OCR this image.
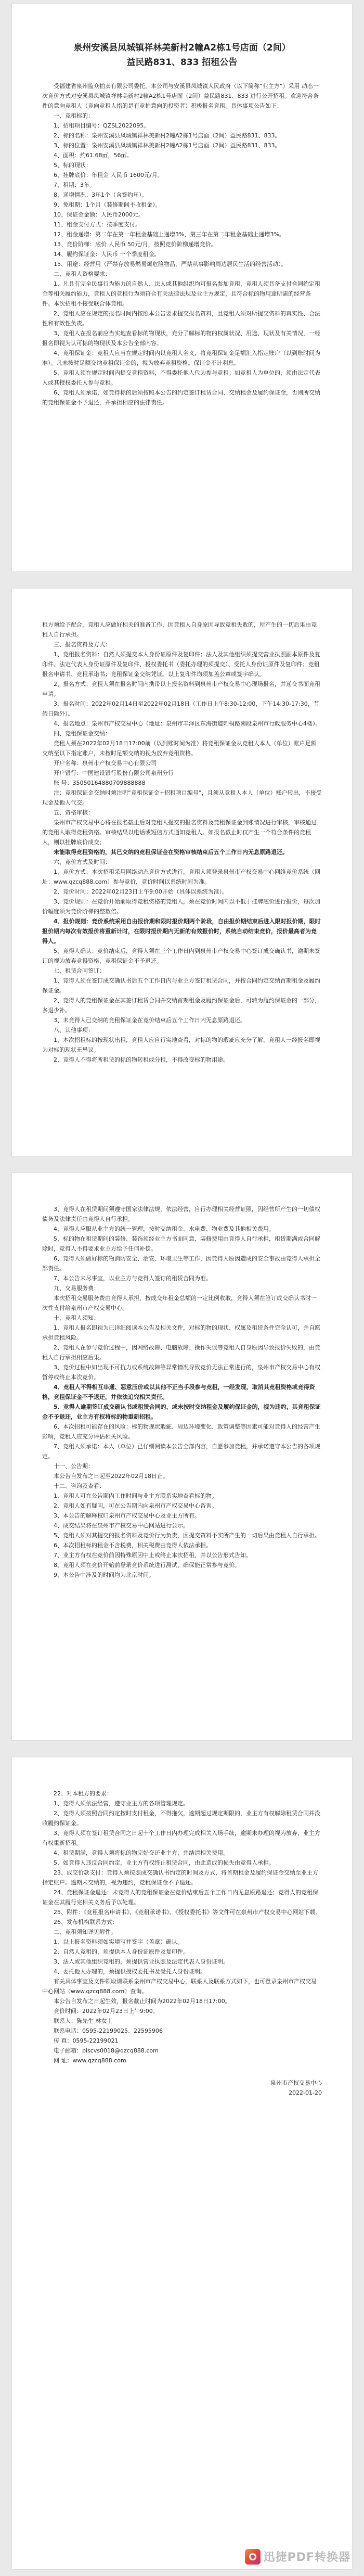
泉州安溪县凤城镇祥林美新村2幢A2栋1号店面（2间）
益民路831、833 招租公告

受福建省泉州监众拍卖有限公司委托，本公司与安溪县凤城镇人民政府（以下简称“业主方”）采用 动态一次竞价方式对安溪县凤城镇祥林美新村2幢A2栋1号店面（2间）益民路831、833 进行公开招租。欢迎符合条件的意向竞租人（竞向竞租人指的是有竞拍意向的投资者）积极报名竞租。具体事项公告如下：

一、竞租标的：

1、招租项目编号：QZSL2022095。

2、标的名称：泉州安溪县凤城镇祥林美新村2幢A2栋1号店面（2间）益民路831、833。

3、标的位置：泉州安溪县凤城镇祥林美新村2幢A2栋1号店面（2间）益民路831、833。

4、面积：约61.68㎡，56㎡。

5、标的现状：

6、挂牌底价：年租金 人民币 1600元/月。

7、租期：3年。

8、递增情况：3年1个（含签约年）。

9、免租期：1个月（装修期间不收租金）。

10、保证金金额：人民币2000元。

11、租金支付方式：按季度支付。

12、租金递增：第二年在第一年租金基础上递增3%，第三年在第二年租金基础上递增3%。

13、竞价阶梯：底价 人民币 50元/月，按照竞价阶梯递增竞价。

14、履约保证金：人民币 一个季度租金。

15、用途：经营用（严禁存放易燃易爆危险物品，严禁从事影响周边居民生活的经营活动）。

二、竞租人资格要求：

1、凡具有完全民事行为能力的自然人、法人或其他组织均可报名参加竞租，竞租人须具备支付合同约定租金等相关履约能力，竞租人的竞租行为须符合有关法律法规及业主方规定，且符合标的物用途所需的经营条件。本次招租不接受联合体竞租。

2、竞租人应在规定的报名时间内按照本公告要求提交报名资料，且竞租人须对所提交资料的真实性、合法性和有效性负责。

3、竞租人在报名前应当实地查看标的物现状，充分了解标的物的权属状况、用途、现状及有关情况，一经报名即视为认可标的物现状及本公告全部内容。

4、竞租保证金：竞租人应当在规定时间内以竞租人名义，将竞租保证金足额汇入指定账户（以到账时间为准）。凡未按时足额交纳竞租保证金的，视为放弃竞租资格。保证金不计利息。

5、竞租人须在规定时间内提交竞租资料，不得委托他人代为参与竞租；如竞租人为单位的，须由法定代表人或其授权委托人参与竞租。

6、竞租人须承诺，如竞得标的后须按照本公告的约定签订租赁合同、交纳租金及履约保证金，否则所交纳的竞租保证金不予退还，并承担相应的法律责任。

租方须给予配合，竞租人应做好相关的准备工作，因竞租人自身原因导致竞租失败的，所产生的一切后果由竞租人自行承担。

三、报名资料及方式：

1、竞租报名资料：自然人须提交本人身份证原件及复印件；法人及其他组织须提交营业执照副本原件及复印件、法定代表人身份证原件及复印件、授权委托书（委托办理的须提交）、受托人身份证原件及复印件；竞租报名申请书、竞租承诺书；竞租保证金交纳凭证。以上复印件均须加盖公章或签字确认。

2、报名方式：竞租人须在报名时间内携带以上报名资料到泉州市产权交易中心现场报名，并递交书面竞租申请。

3、报名时间：2022年02月14日至2022年02月18日（工作日上午8:30-12:00，下午14:30-17:30，节假日除外）。

4、报名地点：泉州市产权交易中心（地址：泉州市丰泽区东海街道刺桐路南段泉州市行政服务中心4楼）。

四、竞租保证金交纳：

竞租人须在2022年02月18日17:00前（以到账时间为准）将竞租保证金从竞租人本人（单位）账户足额交纳至以下指定账户，未按时足额交纳的视为放弃竞租资格。

开户名称：泉州市产权交易中心有限公司

开户银行：中国建设银行股份有限公司泉州分行

账 号：35050164880709888888

注：竞租保证金交纳时须注明“竞租保证金+招租项目编号”，且须从竞租人本人（单位）账户转出，不接受现金及他人代交。

五、资格审核：

泉州市产权交易中心将在报名截止后对竞租人提交的报名资料及竞租保证金到账情况进行审核，审核通过的竞租人取得竞租资格。审核结果以电话或短信方式通知竞租人。如报名截止时仅产生一个符合条件的竞租人，则以挂牌底价成交；

未能取得竞租资格的，其已交纳的竞租保证金在资格审核结束后五个工作日内无息原路退还。

六、竞价方式及时间：

1、竞价方式：本次招租采用网络动态竞价方式进行，竞租人须登录泉州市产权交易中心网络竞价系统（网址：www.qzcq888.com）参与竞价，竞价时间以系统时间为准。

2、竞价时间：2022年02月23日上午9:00开始（具体以系统为准）。

3、竞价规则：在竞价开始前取得竞租资格的竞租人，须在竞价时间内以不低于挂牌底价进行报价，每次加价幅度须为竞价阶梯的整数倍。

4、报价规则：竞价系统采用自由报价期和限时报价期两个阶段，自由报价期结束后进入限时报价期，限时报价期内每次有效报价将重新计时，在限时报价期内无新的有效报价时，系统自动结束竞价，报价最高者为竞得人。

5、竞得人确认：竞价结束后，竞得人须在三个工作日内到泉州市产权交易中心签订成交确认书，逾期未签订的视为放弃竞得资格，竞租保证金不予退还。

七、租赁合同签订：

1、竞得人须在签订成交确认书后五个工作日内与业主方签订租赁合同，并按合同约定交纳首期租金及履约保证金。

2、竞得人的竞租保证金在其签订租赁合同并交纳首期租金及履约保证金后，可转为履约保证金的一部分，多退少补。

3、未竞得人已交纳的竞租保证金在竞价结束后五个工作日内无息原路退还。

八、其他事项：

1、本次招租标的按现状出租，竞租人应自行实地查看，对标的物的瑕疵应充分了解，竞租人一经报名即视为对标的现状无异议。

2、竞得人不得将所租赁的标的物转租或分租，不得改变标的物用途。

3、竞得人在租赁期间须遵守国家法律法规，依法经营，自行办理相关经营证照，因经营所产生的一切债权债务及法律责任由竞得人自行承担。

4、竞得人应服从业主方的统一管理，按时交纳租金、水电费、物业费及其他相关费用。

5、标的物在租赁期间的装修、装饰须经业主方书面同意，装修费用由竞得人自行承担，租赁期满或合同解除时，竞得人不得要求业主方给予任何补偿。

6、竞得人须做好标的物消防安全、治安、环境卫生等工作，因竞得人原因造成的安全事故由竞得人承担全部责任。

7、本公告未尽事宜，以业主方与竞得人签订的租赁合同为准。

九、交易服务费：

本次招租交易服务费由竞得人承担，按成交年租金总额的一定比例收取，竞得人须在签订成交确认书时一次性支付给泉州市产权交易中心。

十、竞租人须知：

1、竞租人报名即视为已详细阅读本公告及相关文件，对标的物的现状、权属及租赁条件完全认可，并自愿承担竞租风险。

2、竞租人在参与竞价过程中，因网络故障、电脑故障、操作失误等竞租人自身原因导致报价失败的，由竞租人自行承担相应后果。

3、竞价过程中如出现不可抗力或系统故障等异常情况导致竞价无法正常进行的，泉州市产权交易中心有权暂停或终止本次竞价。

4、竞租人不得相互串通、恶意压价或以其他不正当手段参与竞租，一经发现，取消其竞租资格或竞得资格，竞租保证金不予退还，并依法追究相关责任。

5、竞得人逾期签订成交确认书或租赁合同的，或未按时交纳租金及履约保证金的，视为违约，其竞租保证金不予退还，业主方有权将标的物重新招租。

6、本次招租可能存在的风险：标的物现状瑕疵、周边环境变化、政策调整等因素可能对竞得人的经营产生影响，竞租人应充分评估相关风险。

7、竞租人须承诺：本人（单位）已仔细阅读本公告全部内容，自愿参加竞租，并承诺遵守本公告的各项规定。

十一、公告期：

本公告自发布之日起至2022年02月18日止。

十二、咨询及查看：

1、竞租人可在公告期内工作时间与业主方联系实地查看标的物。

2、竞租人如有疑问，可在公告期内向泉州市产权交易中心咨询。

3、本公告的解释权归泉州市产权交易中心及业主方所有。

4、成交结果将在泉州市产权交易中心网站进行公示。

5、竞租人须对其提交的报名资料及竞价行为负责，因提交资料不实所产生的一切后果由竞租人自行承担。

6、本次招租标的租金不含税费，相关税费由竞得人依法承担。

7、业主方有权在竞价前因特殊原因中止或终止本次招租，并以公告形式告知。

8、竞租人须在竞价开始前登录竞价系统进行测试，确保能正常参与竞价。

9、本公告中涉及的时间均为北京时间。

22、对本租方的要求：

1、竞得人须依法经营，遵守业主方的各项管理规定。

2、竞得人须按照合同约定按时支付租金，不得拖欠，逾期超过规定期限的，业主方有权解除租赁合同并没收履约保证金。

3、竞得人须在签订租赁合同之日起十个工作日内办理完成相关入场手续，逾期未办理的视为放弃，业主方有权重新招租。

4、租赁期满，竞得人须将标的物完好交还业主方，并结清相关费用。

5、如竞得人违反合同约定，业主方有权终止租赁合同，由此造成的损失由竞得人承担。

23、成交价款支付：竞得人须按照成交确认书约定的时间及方式，将首期租金及履约保证金交纳至业主方指定账户。逾期未交纳的，视为违约，竞租保证金不予退还。

24、竞租保证金退还：未竞得人的竞租保证金在竞价结束后五个工作日内无息原路退还；竞得人的竞租保证金在其履行完相关义务后予以处理。

25、附件：《竞租报名申请书》、《竞租承诺书》、《授权委托书》等文件可在泉州市产权交易中心网站下载。

26、发布机构联系方式：

二、竞租须知详见附件。

1、以上报名资料须如实填写并签字（盖章）确认。

2、自然人竞租的，须提供本人身份证原件及复印件。

3、法人或其他组织竞租的，须提供营业执照及法定代表人身份证明。

4、委托他人办理的，须提供授权委托书及受托人身份证明。

有关具体事宜及文件领取请联系泉州市产权交易中心，联系人及联系方式如下，也可登录泉州市产权交易中心网站（www.qzcq888.com）查询。

本公告自发布之日起生效，报名截止时间为2022年02月18日17:00。

竞价时间：2022年02月23日上午9:00。

联系人：陈先生 林女士

联系电话：0595-22199025、22595906

传 真：0595-22199021

电子邮箱：piscvs0018@qzcq888.com

网 址：www.qzcq888.com

泉州市产权交易中心

2022-01-20

迅捷PDF转换器
